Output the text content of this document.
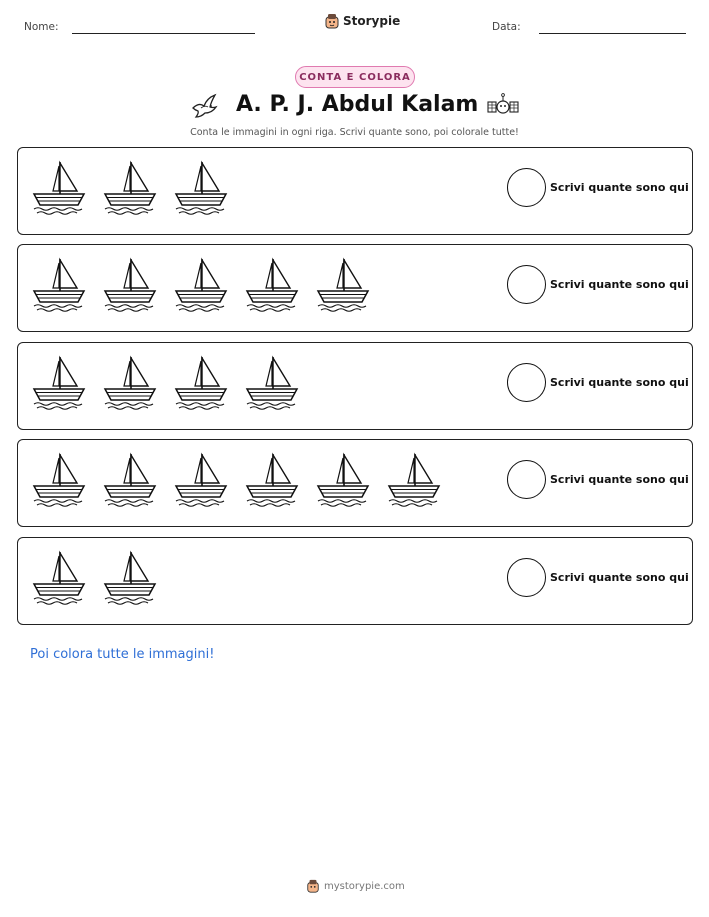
Nome:	Storypie	Data:
CONTA E COLORA
A. P. J. Abdul Kalam
Conta le immagini in ogni riga. Scrivi quante sono, poi colorale tutte!
Scrivi quante sono qui
Scrivi quante sono qui
Scrivi quante sono qui
Scrivi quante sono qui
Scrivi quante sono qui
Poi colora tutte le immagini!
mystorypie.com
